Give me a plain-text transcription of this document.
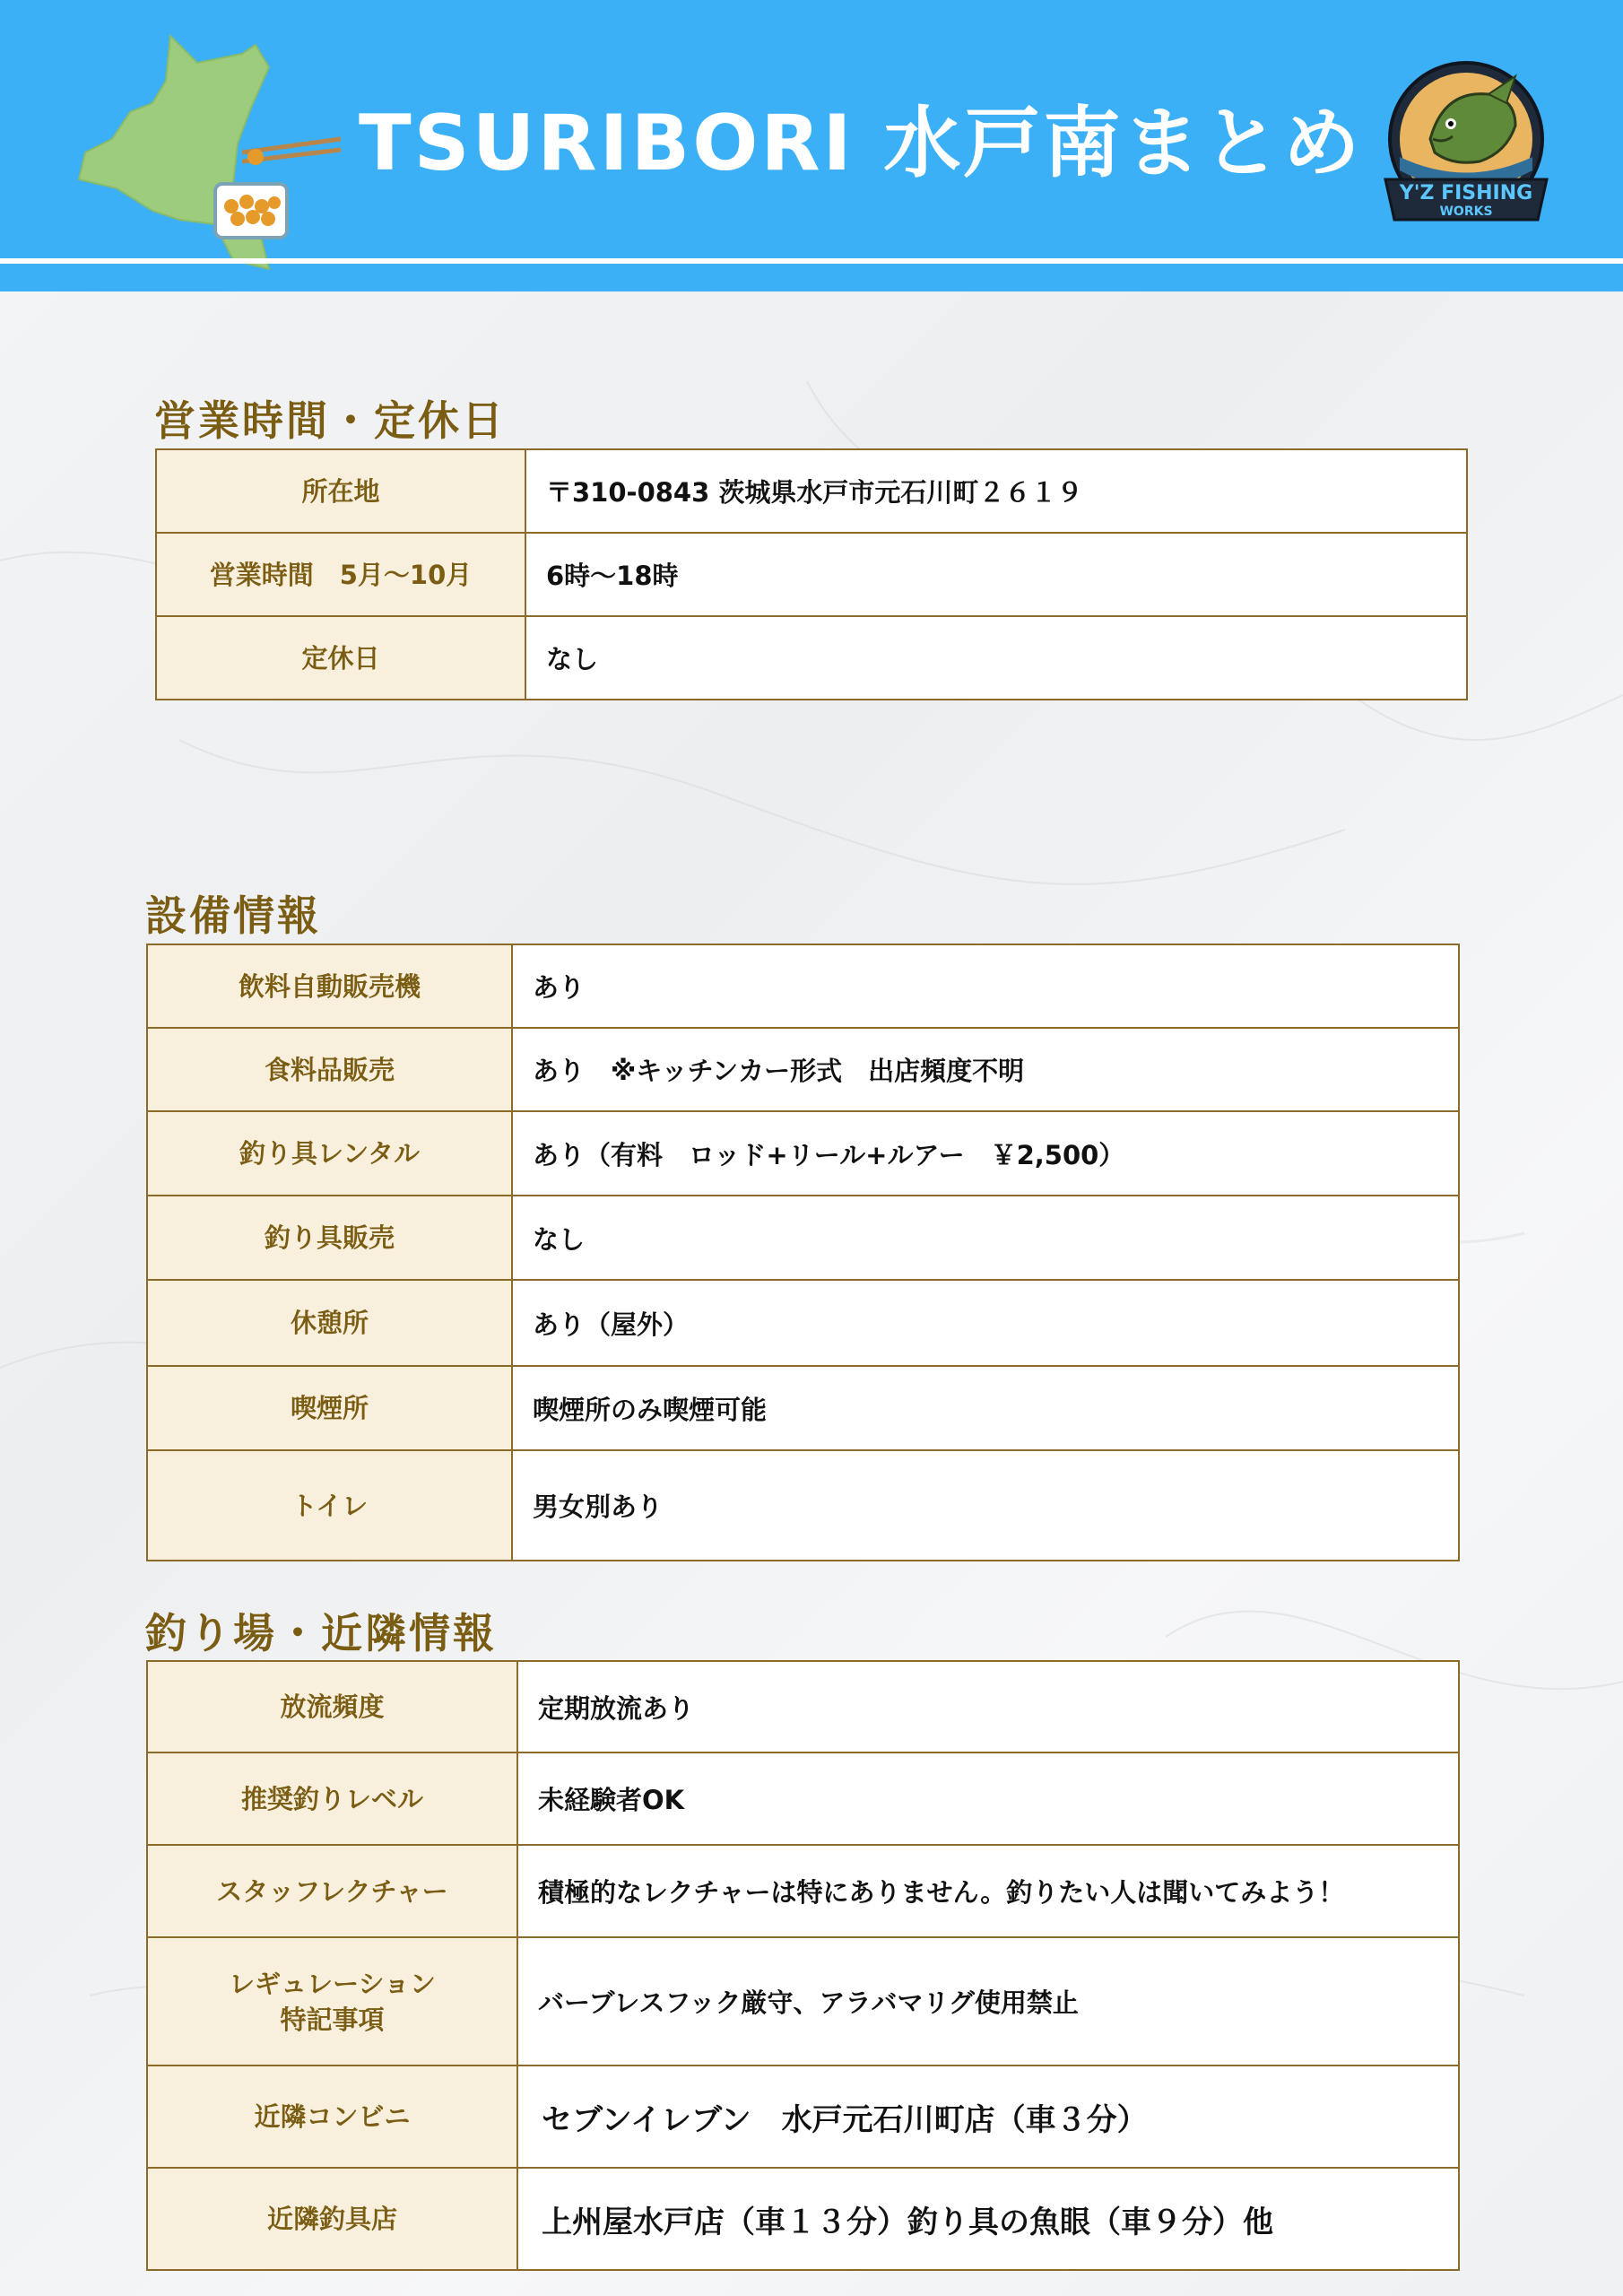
TSURIBORI 水戸南まとめ
Y'Z FISHING
WORKS
営業時間・定休日
所在地	〒310-0843 茨城県水戸市元石川町２６１９
営業時間　5月〜10月	6時〜18時
定休日	なし
設備情報
飲料自動販売機	あり
食料品販売	あり　※キッチンカー形式　出店頻度不明
釣り具レンタル	あり（有料　ロッド+リール+ルアー　￥2,500）
釣り具販売	なし
休憩所	あり（屋外）
喫煙所	喫煙所のみ喫煙可能
トイレ	男女別あり
釣り場・近隣情報
放流頻度	定期放流あり
推奨釣りレベル	未経験者OK
スタッフレクチャー	積極的なレクチャーは特にありません。釣りたい人は聞いてみよう！

レギュレーション
特記事項	バーブレスフック厳守、アラバマリグ使用禁止
近隣コンビニ	セブンイレブン　水戸元石川町店（車３分）
近隣釣具店	上州屋水戸店（車１３分）釣り具の魚眼（車９分）他
